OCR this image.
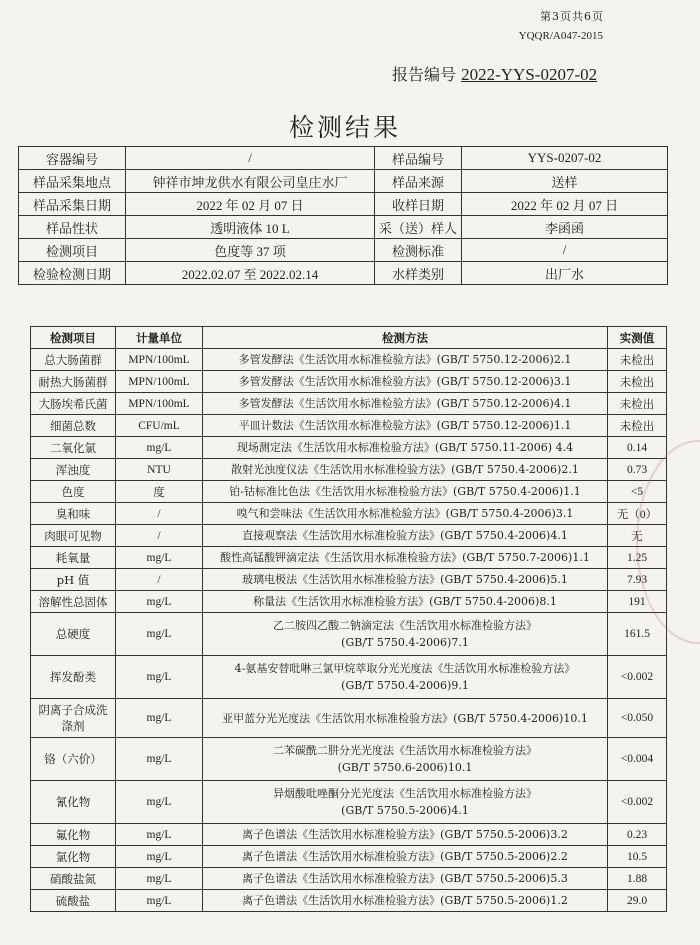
第3页共6页
YQQR/A047-2015
报告编号 2022-YYS-0207-02
检测结果
容器编号	/	样品编号	YYS-0207-02
样品采集地点	钟祥市坤龙供水有限公司皇庄水厂	样品来源	送样
样品采集日期	2022 年 02 月 07 日	收样日期	2022 年 02 月 07 日
样品性状	透明液体 10 L	采（送）样人	李函函
检测项目	色度等 37 项	检测标准	/
检验检测日期	2022.02.07 至 2022.02.14	水样类别	出厂水
检测项目	计量单位	检测方法	实测值
总大肠菌群	MPN/100mL	多管发酵法《生活饮用水标准检验方法》(GB/T 5750.12-2006)2.1	未检出
耐热大肠菌群	MPN/100mL	多管发酵法《生活饮用水标准检验方法》(GB/T 5750.12-2006)3.1	未检出
大肠埃希氏菌	MPN/100mL	多管发酵法《生活饮用水标准检验方法》(GB/T 5750.12-2006)4.1	未检出
细菌总数	CFU/mL	平皿计数法《生活饮用水标准检验方法》(GB/T 5750.12-2006)1.1	未检出
二氧化氯	mg/L	现场测定法《生活饮用水标准检验方法》(GB/T 5750.11-2006) 4.4	0.14
浑浊度	NTU	散射光浊度仪法《生活饮用水标准检验方法》(GB/T 5750.4-2006)2.1	0.73
色度	度	铂-钴标准比色法《生活饮用水标准检验方法》(GB/T 5750.4-2006)1.1	<5
臭和味	/	嗅气和尝味法《生活饮用水标准检验方法》(GB/T 5750.4-2006)3.1	无（0）
肉眼可见物	/	直接观察法《生活饮用水标准检验方法》(GB/T 5750.4-2006)4.1	无
耗氧量	mg/L	酸性高锰酸钾滴定法《生活饮用水标准检验方法》(GB/T 5750.7-2006)1.1	1.25
pH 值	/	玻璃电极法《生活饮用水标准检验方法》(GB/T 5750.4-2006)5.1	7.93
溶解性总固体	mg/L	称量法《生活饮用水标准检验方法》(GB/T 5750.4-2006)8.1	191
总硬度	mg/L	乙二胺四乙酸二钠滴定法《生活饮用水标准检验方法》
(GB/T 5750.4-2006)7.1	161.5
挥发酚类	mg/L	4-氨基安替吡啉三氯甲烷萃取分光光度法《生活饮用水标准检验方法》
(GB/T 5750.4-2006)9.1	<0.002
阴离子合成洗涤剂	mg/L	亚甲蓝分光光度法《生活饮用水标准检验方法》(GB/T 5750.4-2006)10.1	<0.050
铬（六价）	mg/L	二苯碳酰二肼分光光度法《生活饮用水标准检验方法》
(GB/T 5750.6-2006)10.1	<0.004
氰化物	mg/L	异烟酸吡唑酮分光光度法《生活饮用水标准检验方法》
(GB/T 5750.5-2006)4.1	<0.002
氟化物	mg/L	离子色谱法《生活饮用水标准检验方法》(GB/T 5750.5-2006)3.2	0.23
氯化物	mg/L	离子色谱法《生活饮用水标准检验方法》(GB/T 5750.5-2006)2.2	10.5
硝酸盐氮	mg/L	离子色谱法《生活饮用水标准检验方法》(GB/T 5750.5-2006)5.3	1.88
硫酸盐	mg/L	离子色谱法《生活饮用水标准检验方法》(GB/T 5750.5-2006)1.2	29.0
